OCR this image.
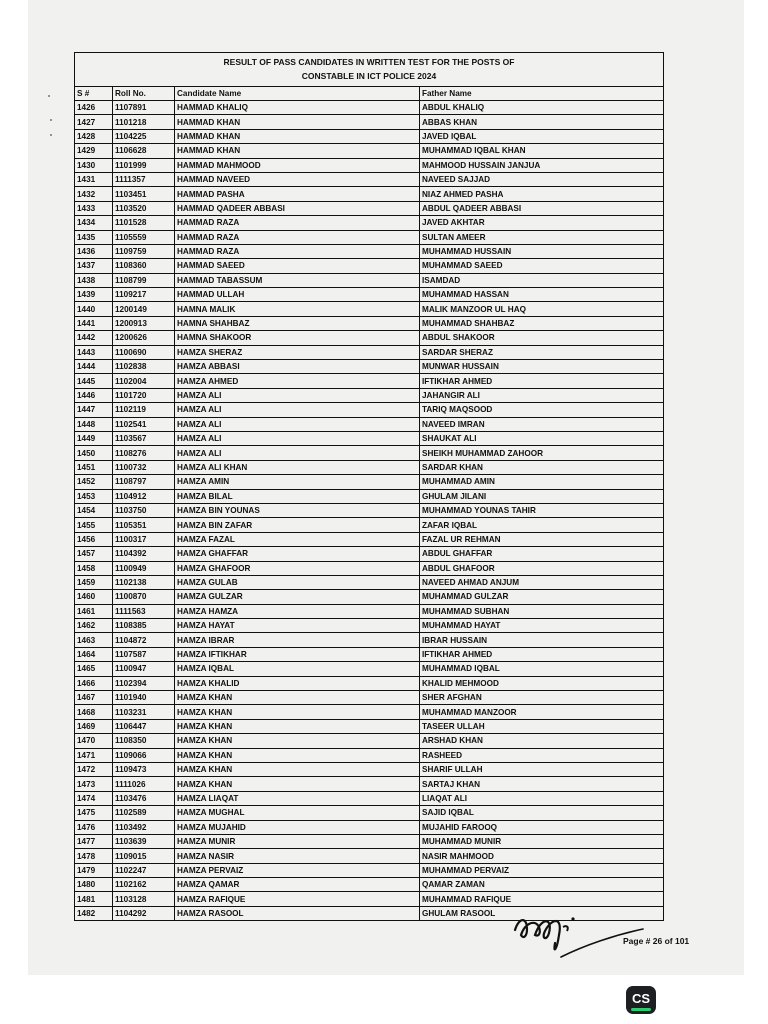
RESULT OF PASS CANDIDATES IN WRITTEN TEST FOR THE POSTS OF
CONSTABLE IN ICT POLICE 2024
S #	Roll No.	Candidate Name	Father Name
1426	1107891	HAMMAD KHALIQ	ABDUL KHALIQ
1427	1101218	HAMMAD KHAN	ABBAS KHAN
1428	1104225	HAMMAD KHAN	JAVED IQBAL
1429	1106628	HAMMAD KHAN	MUHAMMAD IQBAL KHAN
1430	1101999	HAMMAD MAHMOOD	MAHMOOD HUSSAIN JANJUA
1431	1111357	HAMMAD NAVEED	NAVEED SAJJAD
1432	1103451	HAMMAD PASHA	NIAZ AHMED PASHA
1433	1103520	HAMMAD QADEER ABBASI	ABDUL QADEER ABBASI
1434	1101528	HAMMAD RAZA	JAVED AKHTAR
1435	1105559	HAMMAD RAZA	SULTAN AMEER
1436	1109759	HAMMAD RAZA	MUHAMMAD HUSSAIN
1437	1108360	HAMMAD SAEED	MUHAMMAD SAEED
1438	1108799	HAMMAD TABASSUM	ISAMDAD
1439	1109217	HAMMAD ULLAH	MUHAMMAD HASSAN
1440	1200149	HAMNA MALIK	MALIK MANZOOR UL HAQ
1441	1200913	HAMNA SHAHBAZ	MUHAMMAD SHAHBAZ
1442	1200626	HAMNA SHAKOOR	ABDUL SHAKOOR
1443	1100690	HAMZA SHERAZ	SARDAR SHERAZ
1444	1102838	HAMZA ABBASI	MUNWAR HUSSAIN
1445	1102004	HAMZA AHMED	IFTIKHAR AHMED
1446	1101720	HAMZA ALI	JAHANGIR ALI
1447	1102119	HAMZA ALI	TARIQ MAQSOOD
1448	1102541	HAMZA ALI	NAVEED IMRAN
1449	1103567	HAMZA ALI	SHAUKAT ALI
1450	1108276	HAMZA ALI	SHEIKH MUHAMMAD ZAHOOR
1451	1100732	HAMZA ALI KHAN	SARDAR KHAN
1452	1108797	HAMZA AMIN	MUHAMMAD AMIN
1453	1104912	HAMZA BILAL	GHULAM JILANI
1454	1103750	HAMZA BIN YOUNAS	MUHAMMAD YOUNAS TAHIR
1455	1105351	HAMZA BIN ZAFAR	ZAFAR IQBAL
1456	1100317	HAMZA FAZAL	FAZAL UR REHMAN
1457	1104392	HAMZA GHAFFAR	ABDUL GHAFFAR
1458	1100949	HAMZA GHAFOOR	ABDUL GHAFOOR
1459	1102138	HAMZA GULAB	NAVEED AHMAD ANJUM
1460	1100870	HAMZA GULZAR	MUHAMMAD GULZAR
1461	1111563	HAMZA HAMZA	MUHAMMAD SUBHAN
1462	1108385	HAMZA HAYAT	MUHAMMAD HAYAT
1463	1104872	HAMZA IBRAR	IBRAR HUSSAIN
1464	1107587	HAMZA IFTIKHAR	IFTIKHAR AHMED
1465	1100947	HAMZA IQBAL	MUHAMMAD IQBAL
1466	1102394	HAMZA KHALID	KHALID MEHMOOD
1467	1101940	HAMZA KHAN	SHER AFGHAN
1468	1103231	HAMZA KHAN	MUHAMMAD MANZOOR
1469	1106447	HAMZA KHAN	TASEER ULLAH
1470	1108350	HAMZA KHAN	ARSHAD KHAN
1471	1109066	HAMZA KHAN	RASHEED
1472	1109473	HAMZA KHAN	SHARIF ULLAH
1473	1111026	HAMZA KHAN	SARTAJ KHAN
1474	1103476	HAMZA LIAQAT	LIAQAT ALI
1475	1102589	HAMZA MUGHAL	SAJID IQBAL
1476	1103492	HAMZA MUJAHID	MUJAHID FAROOQ
1477	1103639	HAMZA MUNIR	MUHAMMAD MUNIR
1478	1109015	HAMZA NASIR	NASIR MAHMOOD
1479	1102247	HAMZA PERVAIZ	MUHAMMAD PERVAIZ
1480	1102162	HAMZA QAMAR	QAMAR ZAMAN
1481	1103128	HAMZA RAFIQUE	MUHAMMAD RAFIQUE
1482	1104292	HAMZA RASOOL	GHULAM RASOOL
Page # 26 of 101
CS
